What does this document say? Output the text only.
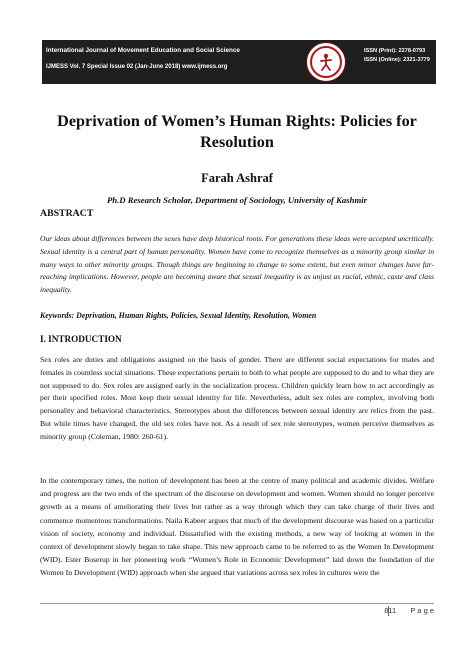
International Journal of Movement Education and Social Science
IJMESS Vol. 7 Special Issue 02 (Jan-June 2018) www.ijmess.org
ISSN (Print): 2278-0793
ISSN (Online): 2321-3779
Deprivation of Women’s Human Rights: Policies for Resolution
Farah Ashraf
Ph.D Research Scholar, Department of Sociology, University of Kashmir
ABSTRACT
Our ideas about differences between the sexes have deep historical roots. For generations these ideas were accepted uncritically. Sexual identity is a central part of human personality. Women have come to recognize themselves as a minority group similar in many ways to other minority groups. Though things are beginning to change to some extent, but even minor changes have far-reaching implications. However, people are becoming aware that sexual inequality is as unjust as racial, ethnic, caste and class inequality.
Keywords: Deprivation, Human Rights, Policies, Sexual Identity, Resolution, Women
I. INTRODUCTION
Sex roles are duties and obligations assigned on the basis of gender. There are different social expectations for males and females in countless social situations. These expectations pertain to both to what people are supposed to do and to what they are not supposed to do. Sex roles are assigned early in the socialization process. Children quickly learn how to act accordingly as per their specified roles. Most keep their sexual identity for life. Nevertheless, adult sex roles are complex, involving both personality and behavioral characteristics. Stereotypes about the differences between sexual identity are relics from the past. But while times have changed, the old sex roles have not. As a result of sex role stereotypes, women perceive themselves as minority group (Coleman, 1980: 260-61).
In the contemporary times, the notion of development has been at the centre of many political and academic divides. Welfare and progress are the two ends of the spectrum of the discourse on development and women. Women should no longer perceive growth as a means of ameliorating their lives but rather as a way through which they can take charge of their lives and commence momentous transformations. Naila Kabeer argues that much of the development discourse was based on a particular vision of society, economy and individual. Dissatisfied with the existing methods, a new way of looking at women in the context of development slowly began to take shape. This new approach came to be referred to as the Women In Development (WID). Ester Boserup in her pioneering work “Women’s Role in Economic Development” laid down the foundation of the Women In Development (WID) approach when she argued that variations across sex roles in cultures were the
811 P a g e
